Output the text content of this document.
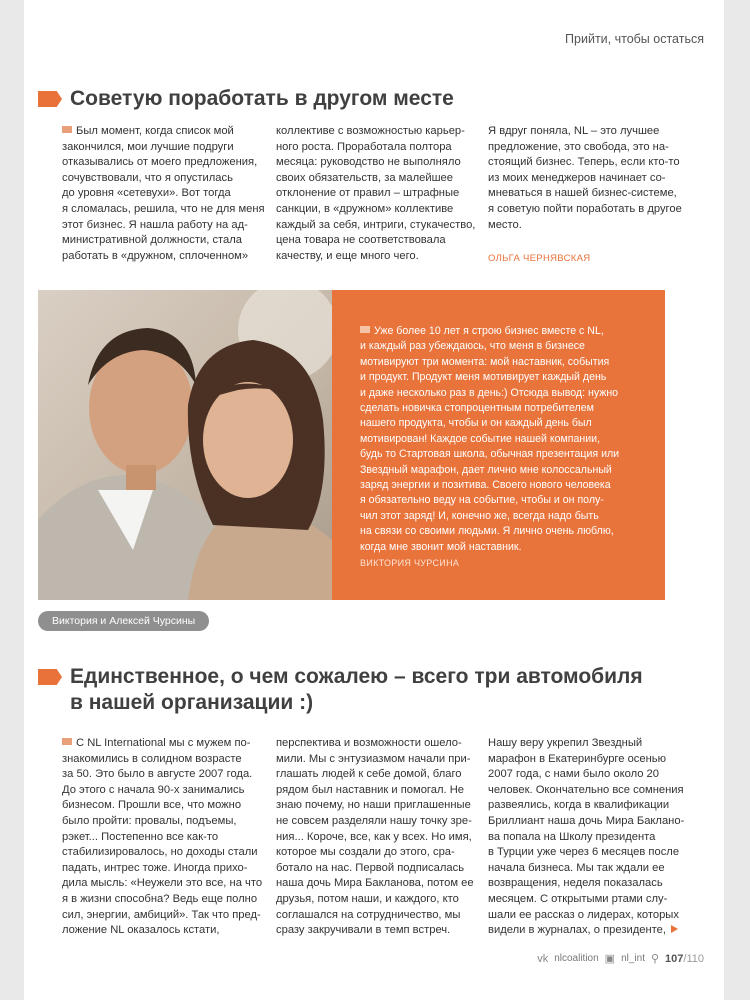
Прийти, чтобы остаться
Советую поработать в другом месте
Был момент, когда список мой
закончился, мои лучшие подруги
отказывались от моего предложения,
сочувствовали, что я опустилась
до уровня «сетевухи». Вот тогда
я сломалась, решила, что не для меня
этот бизнес. Я нашла работу на ад-
министративной должности, стала
работать в «дружном, сплоченном»
коллективе с возможностью карьер-
ного роста. Проработала полтора
месяца: руководство не выполняло
своих обязательств, за малейшее
отклонение от правил – штрафные
санкции, в «дружном» коллективе
каждый за себя, интриги, стукачество,
цена товара не соответствовала
качеству, и еще много чего.
Я вдруг поняла, NL – это лучшее
предложение, это свобода, это на-
стоящий бизнес. Теперь, если кто-то
из моих менеджеров начинает со-
мневаться в нашей бизнес-системе,
я советую пойти поработать в другое
место.
ОЛЬГА ЧЕРНЯВСКАЯ
Уже более 10 лет я строю бизнес вместе с NL,
и каждый раз убеждаюсь, что меня в бизнесе
мотивируют три момента: мой наставник, события
и продукт. Продукт меня мотивирует каждый день
и даже несколько раз в день:) Отсюда вывод: нужно
сделать новичка стопроцентным потребителем
нашего продукта, чтобы и он каждый день был
мотивирован! Каждое событие нашей компании,
будь то Стартовая школа, обычная презентация или
Звездный марафон, дает лично мне колоссальный
заряд энергии и позитива. Своего нового человека
я обязательно веду на событие, чтобы и он полу-
чил этот заряд! И, конечно же, всегда надо быть
на связи со своими людьми. Я лично очень люблю,
когда мне звонит мой наставник.
ВИКТОРИЯ ЧУРСИНА
Виктория и Алексей Чурсины
Единственное, о чем сожалею – всего три автомобиля
в нашей организации :)
С NL International мы с мужем по-
знакомились в солидном возрасте
за 50. Это было в августе 2007 года.
До этого с начала 90-х занимались
бизнесом. Прошли все, что можно
было пройти: провалы, подъемы,
рэкет... Постепенно все как-то
стабилизировалось, но доходы стали
падать, интрес тоже. Иногда прихо-
дила мысль: «Неужели это все, на что
я в жизни способна? Ведь еще полно
сил, энергии, амбиций». Так что пред-
ложение NL оказалось кстати,
перспектива и возможности ошело-
мили. Мы с энтузиазмом начали при-
глашать людей к себе домой, благо
рядом был наставник и помогал. Не
знаю почему, но наши приглашенные
не совсем разделяли нашу точку зре-
ния... Короче, все, как у всех. Но имя,
которое мы создали до этого, сра-
ботало на нас. Первой подписалась
наша дочь Мира Бакланова, потом ее
друзья, потом наши, и каждого, кто
соглашался на сотрудничество, мы
сразу закручивали в темп встреч.
Нашу веру укрепил Звездный
марафон в Екатеринбурге осенью
2007 года, с нами было около 20
человек. Окончательно все сомнения
развеялись, когда в квалификации
Бриллиант наша дочь Мира Баклано-
ва попала на Школу президента
в Турции уже через 6 месяцев после
начала бизнеса. Мы так ждали ее
возвращения, неделя показалась
месяцем. С открытыми ртами слу-
шали ее рассказ о лидерах, которых
видели в журналах, о президенте,
vk nlcoalition ▣ nl_int ⚲ 107/110
